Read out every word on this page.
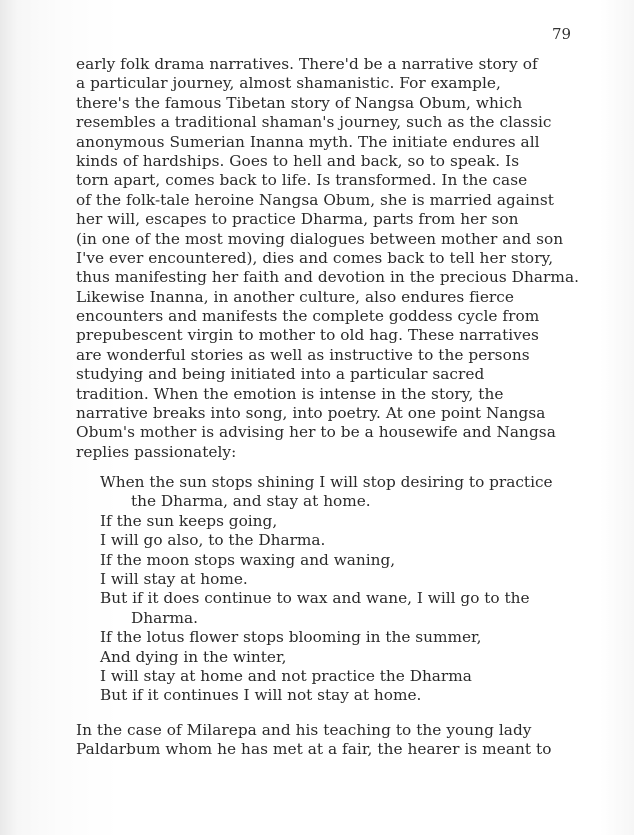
79
early folk drama narratives. There'd be a narrative story of
a particular journey, almost shamanistic. For example,
there's the famous Tibetan story of Nangsa Obum, which
resembles a traditional shaman's journey, such as the classic
anonymous Sumerian Inanna myth. The initiate endures all
kinds of hardships. Goes to hell and back, so to speak. Is
torn apart, comes back to life. Is transformed. In the case
of the folk-tale heroine Nangsa Obum, she is married against
her will, escapes to practice Dharma, parts from her son
(in one of the most moving dialogues between mother and son
I've ever encountered), dies and comes back to tell her story,
thus manifesting her faith and devotion in the precious Dharma.
Likewise Inanna, in another culture, also endures fierce
encounters and manifests the complete goddess cycle from
prepubescent virgin to mother to old hag. These narratives
are wonderful stories as well as instructive to the persons
studying and being initiated into a particular sacred
tradition. When the emotion is intense in the story, the
narrative breaks into song, into poetry. At one point Nangsa
Obum's mother is advising her to be a housewife and Nangsa
replies passionately:
When the sun stops shining I will stop desiring to practice
the Dharma, and stay at home.
If the sun keeps going,
I will go also, to the Dharma.
If the moon stops waxing and waning,
I will stay at home.
But if it does continue to wax and wane, I will go to the
Dharma.
If the lotus flower stops blooming in the summer,
And dying in the winter,
I will stay at home and not practice the Dharma
But if it continues I will not stay at home.
In the case of Milarepa and his teaching to the young lady
Paldarbum whom he has met at a fair, the hearer is meant to
